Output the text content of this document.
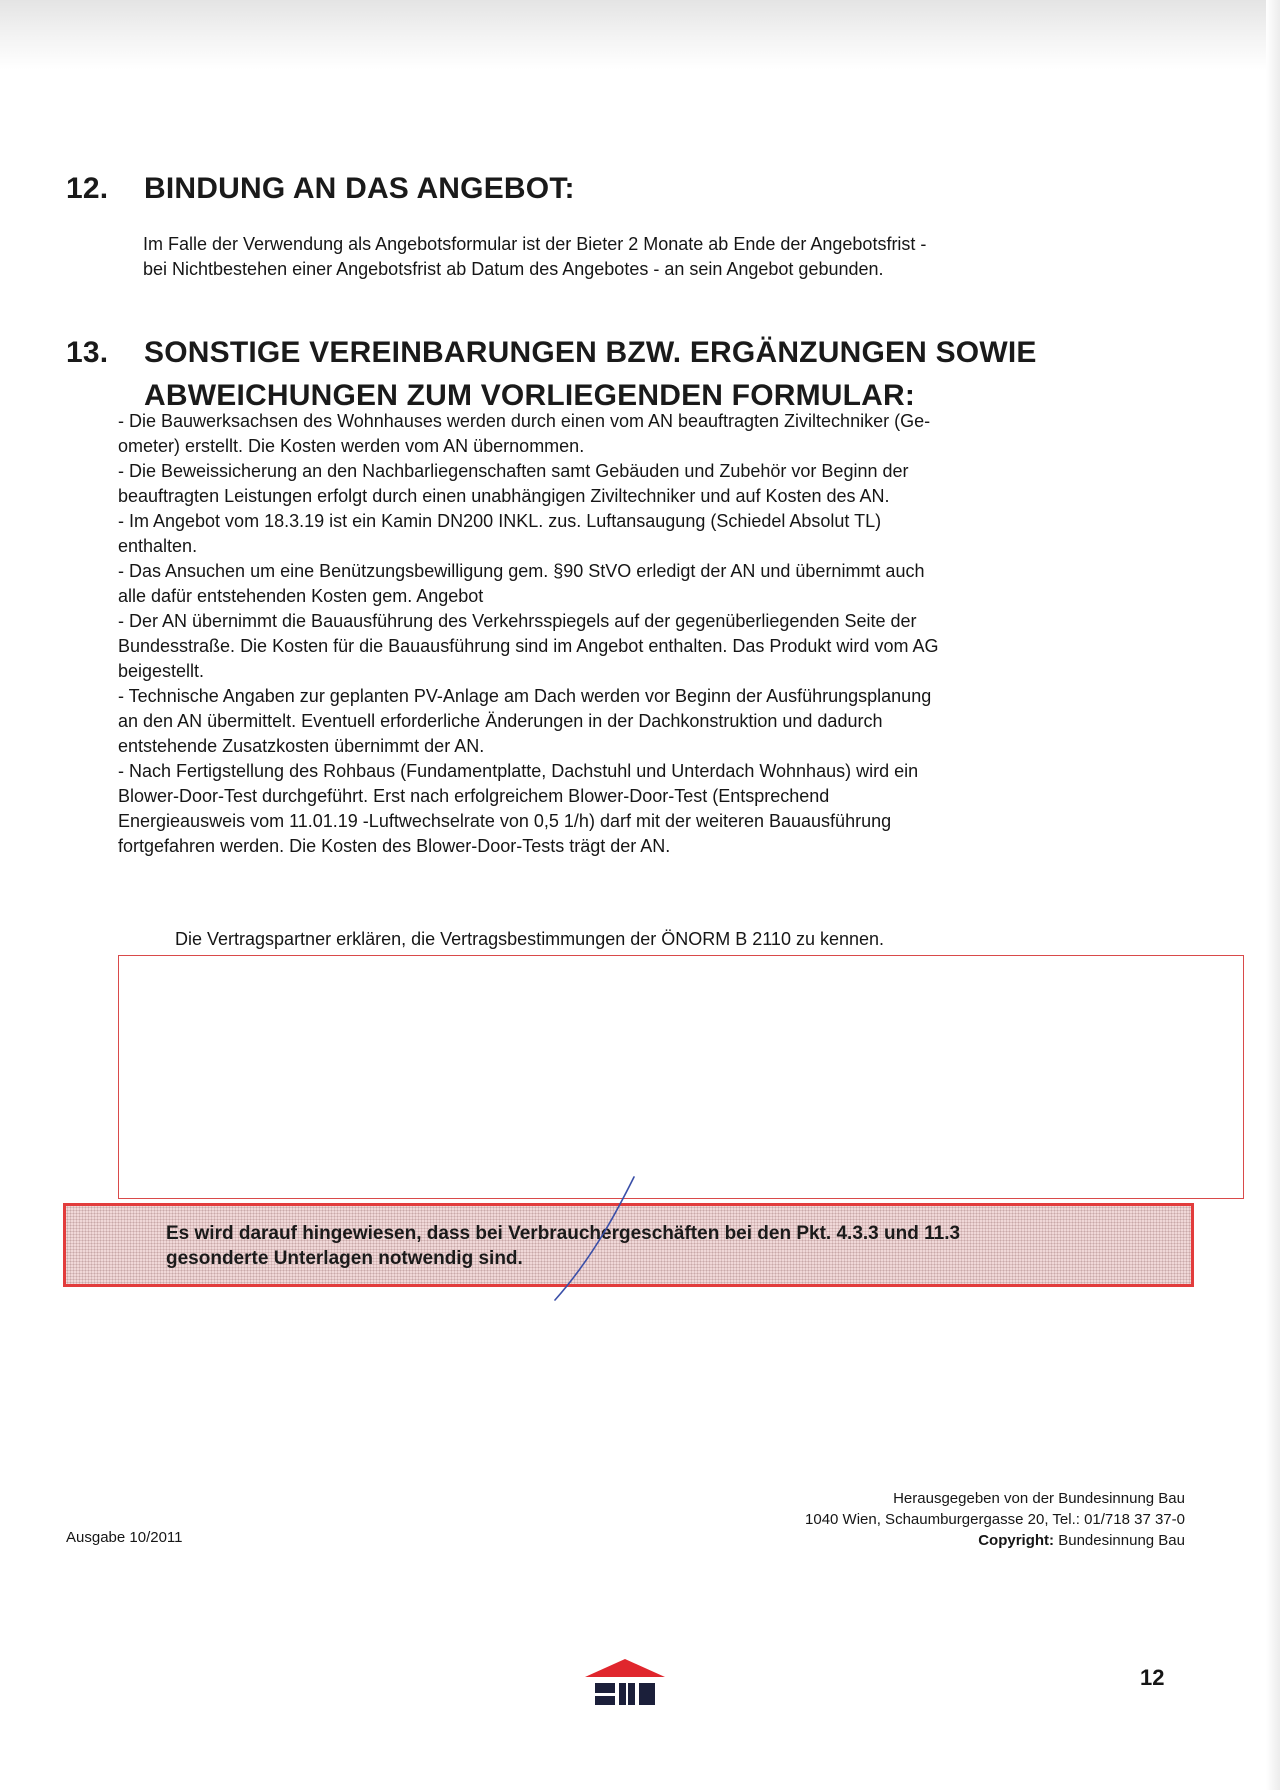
12. BINDUNG AN DAS ANGEBOT:
Im Falle der Verwendung als Angebotsformular ist der Bieter 2 Monate ab Ende der Angebotsfrist -
bei Nichtbestehen einer Angebotsfrist ab Datum des Angebotes - an sein Angebot gebunden.
13. SONSTIGE VEREINBARUNGEN BZW. ERGÄNZUNGEN SOWIE
ABWEICHUNGEN ZUM VORLIEGENDEN FORMULAR:
- Die Bauwerksachsen des Wohnhauses werden durch einen vom AN beauftragten Ziviltechniker (Ge-
ometer) erstellt. Die Kosten werden vom AN übernommen.
- Die Beweissicherung an den Nachbarliegenschaften samt Gebäuden und Zubehör vor Beginn der
beauftragten Leistungen erfolgt durch einen unabhängigen Ziviltechniker und auf Kosten des AN.
- Im Angebot vom 18.3.19 ist ein Kamin DN200 INKL. zus. Luftansaugung (Schiedel Absolut TL)
enthalten.
- Das Ansuchen um eine Benützungsbewilligung gem. §90 StVO erledigt der AN und übernimmt auch
alle dafür entstehenden Kosten gem. Angebot
- Der AN übernimmt die Bauausführung des Verkehrsspiegels auf der gegenüberliegenden Seite der
Bundesstraße. Die Kosten für die Bauausführung sind im Angebot enthalten. Das Produkt wird vom AG
beigestellt.
- Technische Angaben zur geplanten PV-Anlage am Dach werden vor Beginn der Ausführungsplanung
an den AN übermittelt. Eventuell erforderliche Änderungen in der Dachkonstruktion und dadurch
entstehende Zusatzkosten übernimmt der AN.
- Nach Fertigstellung des Rohbaus (Fundamentplatte, Dachstuhl und Unterdach Wohnhaus) wird ein
Blower-Door-Test durchgeführt. Erst nach erfolgreichem Blower-Door-Test (Entsprechend
Energieausweis vom 11.01.19 -Luftwechselrate von 0,5 1/h) darf mit der weiteren Bauausführung
fortgefahren werden. Die Kosten des Blower-Door-Tests trägt der AN.
Die Vertragspartner erklären, die Vertragsbestimmungen der ÖNORM B 2110 zu kennen.
Es wird darauf hingewiesen, dass bei Verbrauchergeschäften bei den Pkt. 4.3.3 und 11.3
gesonderte Unterlagen notwendig sind.
Ausgabe 10/2011
Herausgegeben von der Bundesinnung Bau
1040 Wien, Schaumburgergasse 20, Tel.: 01/718 37 37-0
Copyright: Bundesinnung Bau
12
